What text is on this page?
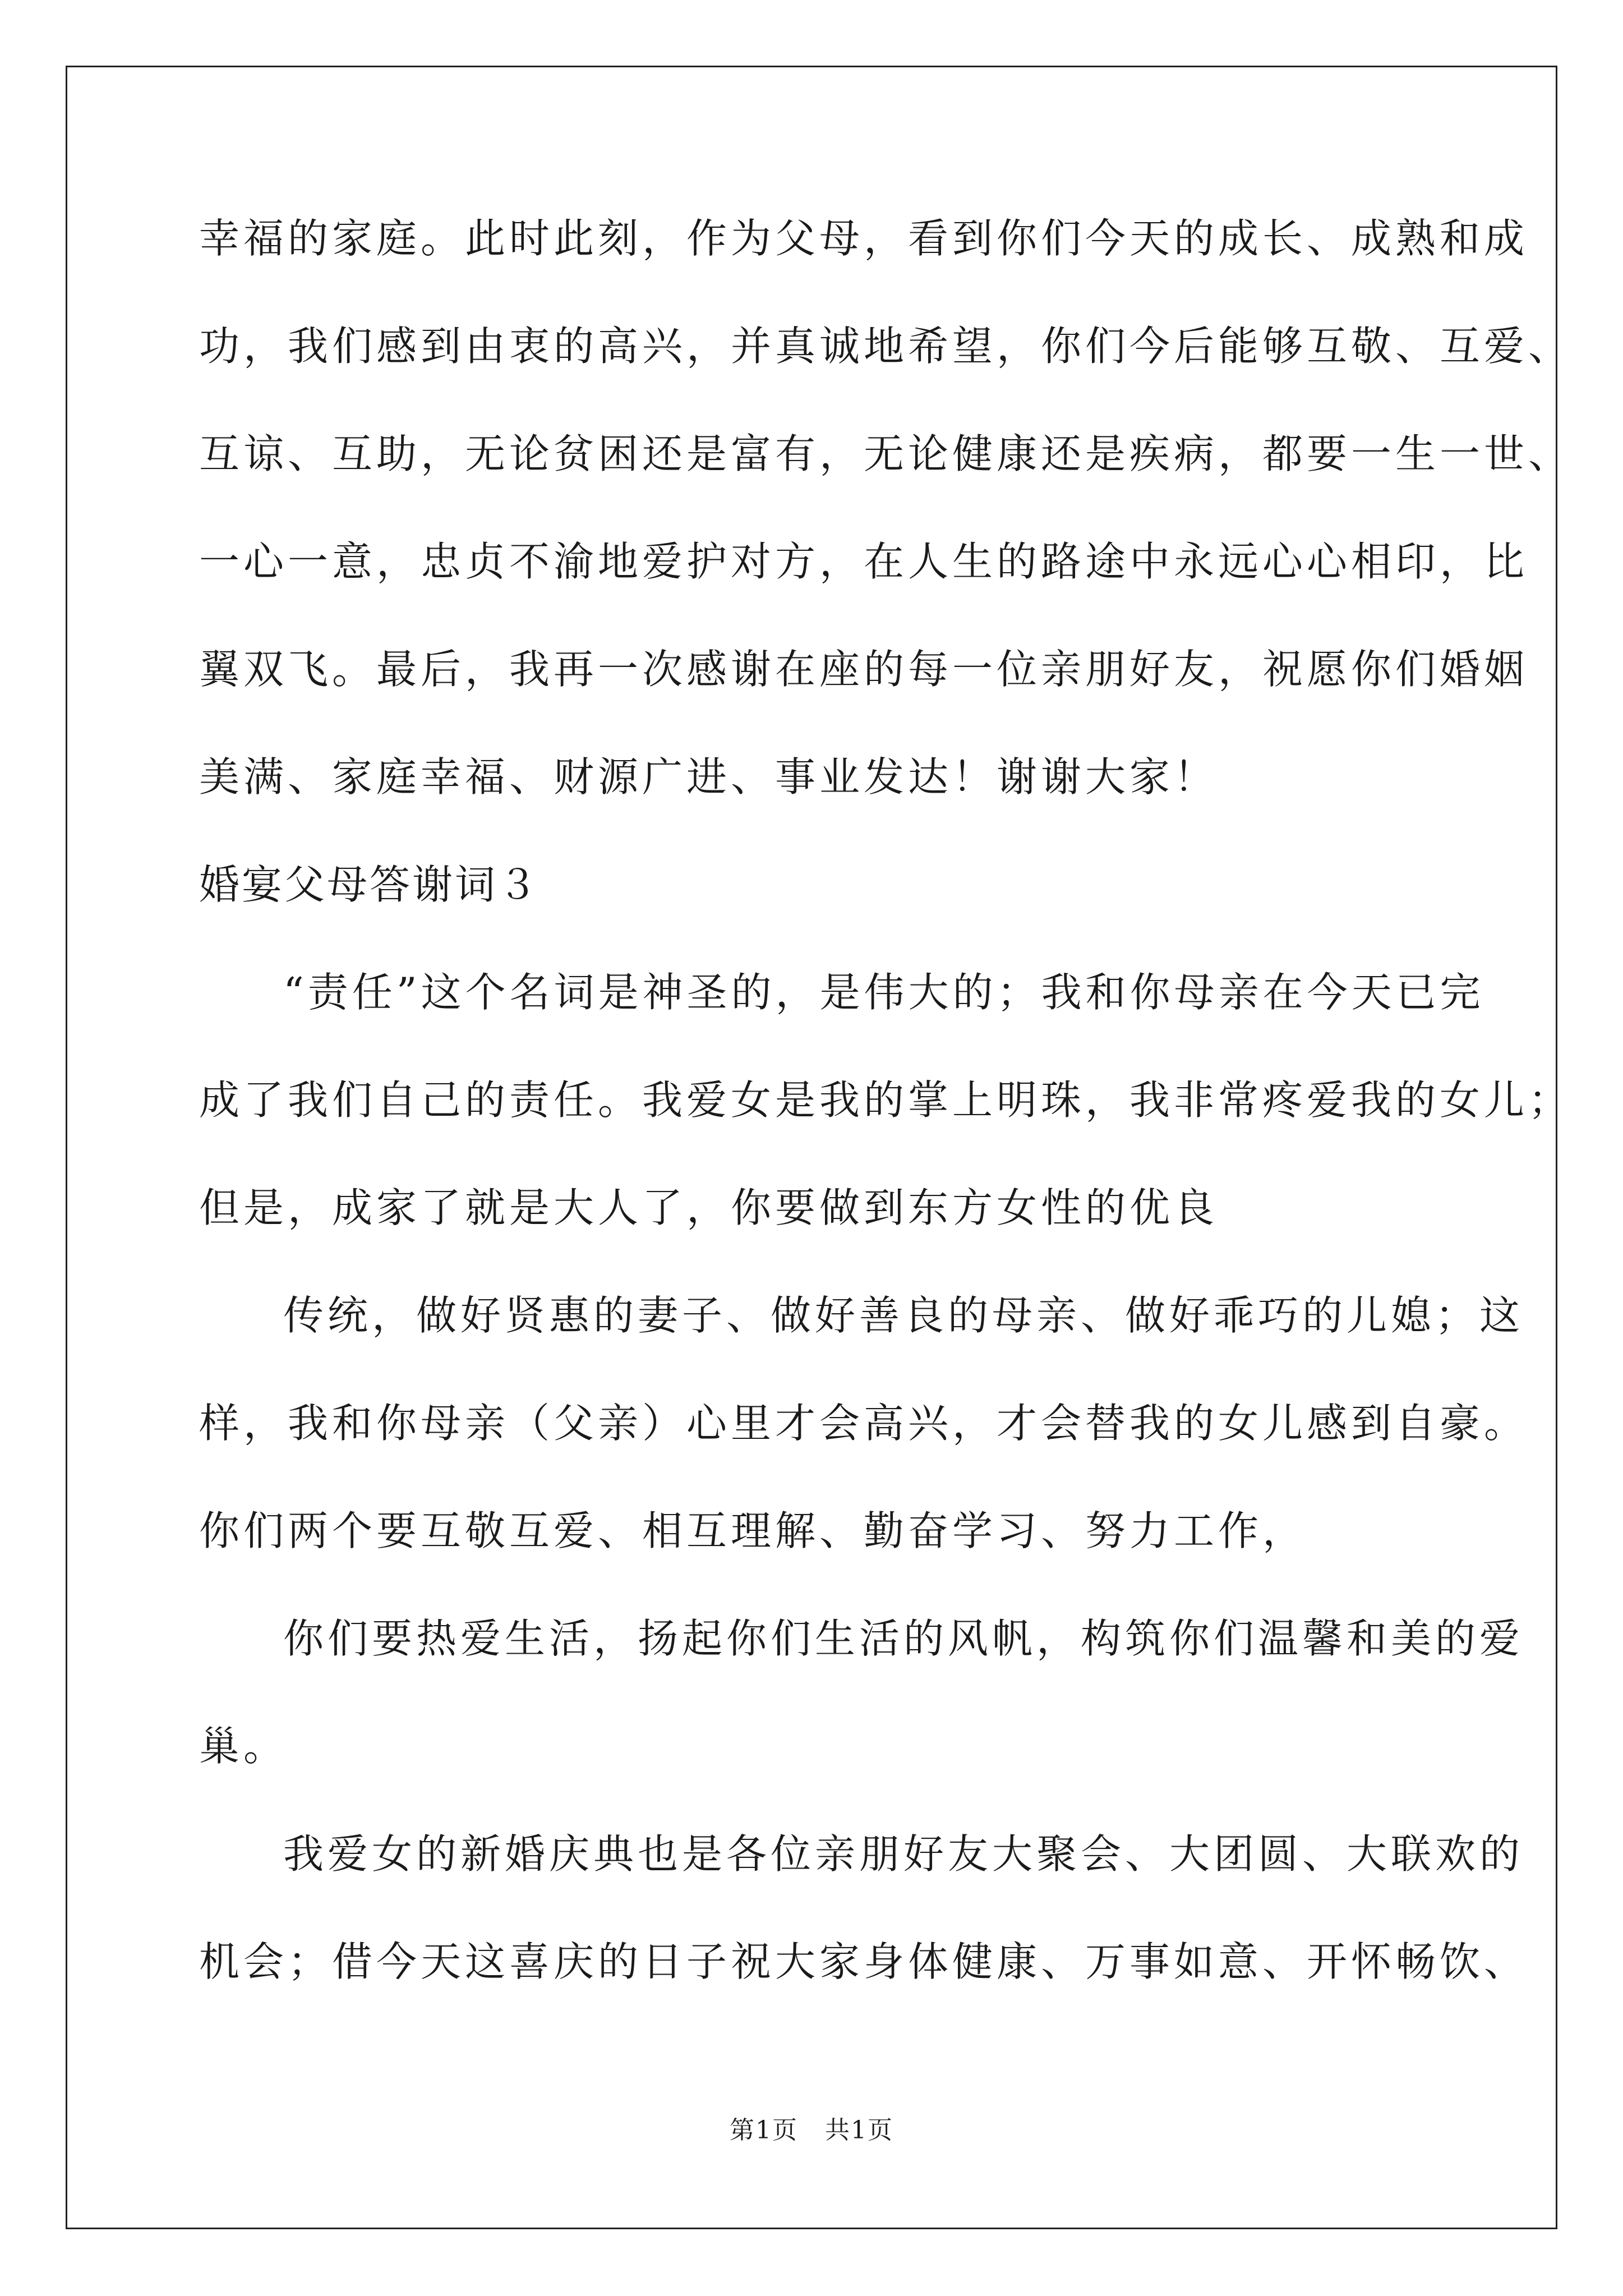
幸福的家庭。此时此刻，作为父母，看到你们今天的成长、成熟和成
功，我们感到由衷的高兴，并真诚地希望，你们今后能够互敬、互爱、
互谅、互助，无论贫困还是富有，无论健康还是疾病，都要一生一世、
一心一意，忠贞不渝地爱护对方，在人生的路途中永远心心相印，比
翼双飞。最后，我再一次感谢在座的每一位亲朋好友，祝愿你们婚姻
美满、家庭幸福、财源广进、事业发达！谢谢大家！
婚宴父母答谢词３
“责任”这个名词是神圣的，是伟大的；我和你母亲在今天已完
成了我们自己的责任。我爱女是我的掌上明珠，我非常疼爱我的女儿；
但是，成家了就是大人了，你要做到东方女性的优良
传统，做好贤惠的妻子、做好善良的母亲、做好乖巧的儿媳；这
样，我和你母亲（父亲）心里才会高兴，才会替我的女儿感到自豪。
你们两个要互敬互爱、相互理解、勤奋学习、努力工作，
你们要热爱生活，扬起你们生活的风帆，构筑你们温馨和美的爱
巢。
我爱女的新婚庆典也是各位亲朋好友大聚会、大团圆、大联欢的
机会；借今天这喜庆的日子祝大家身体健康、万事如意、开怀畅饮、
第1页 共1页
